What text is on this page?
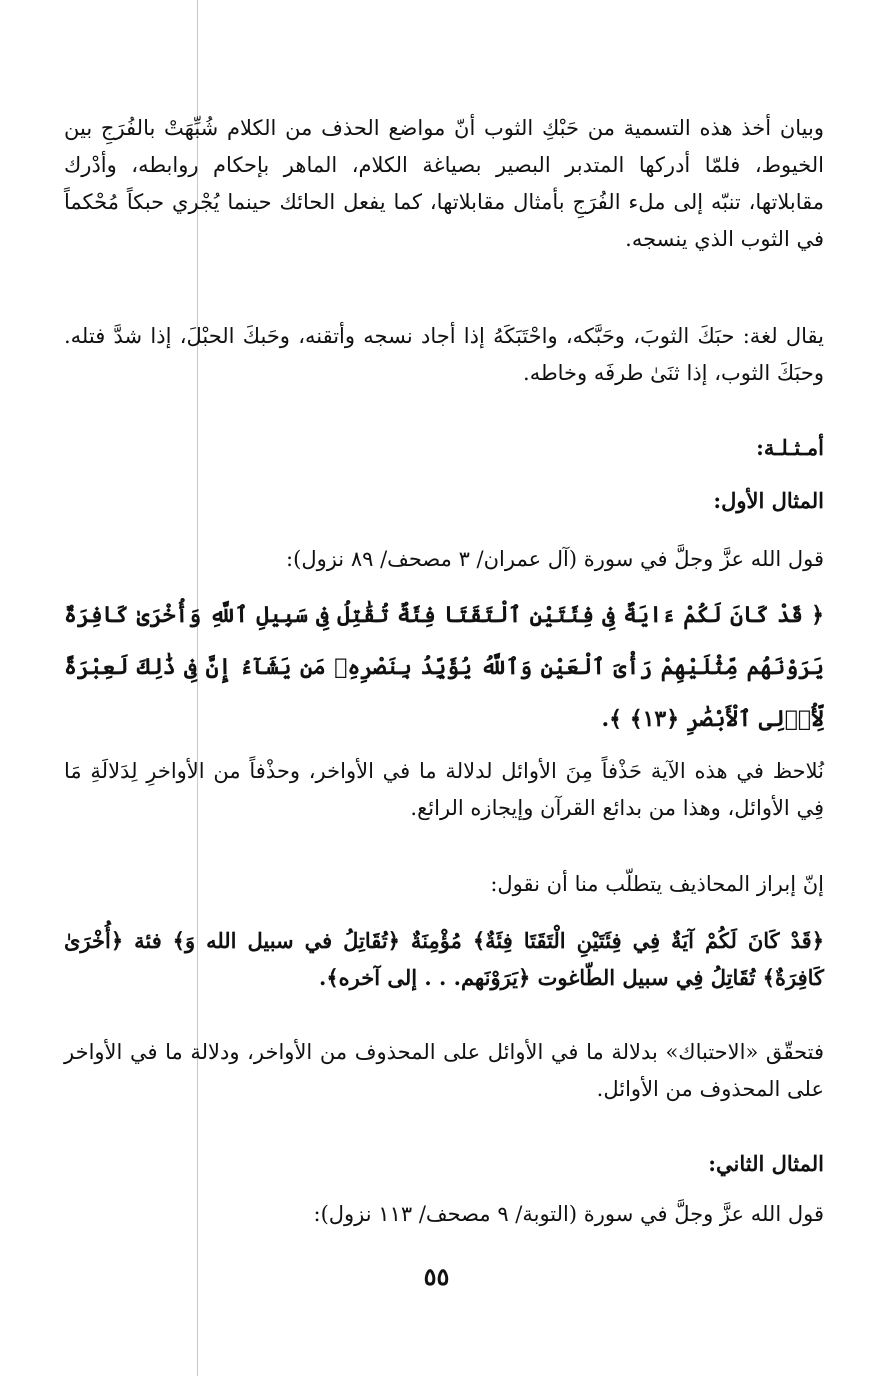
وبيان أخذ هذه التسمية من حَبْكِ الثوب أنّ مواضع الحذف من الكلام شُبِّهَتْ بالفُرَجِ بين الخيوط، فلمّا أدركها المتدبر البصير بصياغة الكلام، الماهر بإحكام روابطه، وأدْرك مقابلاتها، تنبّه إلى ملء الفُرَجِ بأمثال مقابلاتها، كما يفعل الحائك حينما يُجْري حبكاً مُحْكماً في الثوب الذي ينسجه.
يقال لغة: حبَكَ الثوبَ، وحَبَّكه، واحْتَبَكَهُ إذا أجاد نسجه وأتقنه، وحَبكَ الحبْلَ، إذا شدَّ فتله. وحبَكَ الثوب، إذا ثنَىٰ طرفَه وخاطه.
أمـثـلـة:
المثال الأول:
قول الله عزَّ وجلَّ في سورة (آل عمران/ ٣ مصحف/ ٨٩ نزول):
﴿ قَدْ كَانَ لَكُمْ ءَايَةٌ فِى فِئَتَيْنِ ٱلْتَقَتَا فِئَةٌ تُقَٰتِلُ فِى سَبِيلِ ٱللَّهِ وَأُخْرَىٰ كَافِرَةٌ يَرَوْنَهُم مِّثْلَيْهِمْ رَأْىَ ٱلْعَيْنِ وَٱللَّهُ يُؤَيِّدُ بِنَصْرِهِۦ مَن يَشَآءُ إِنَّ فِى ذَٰلِكَ لَعِبْرَةً لِّأُو۟لِى ٱلْأَبْصَٰرِ ﴿١٣﴾ ﴾.
نُلاحظ في هذه الآية حَذْفاً مِنَ الأوائل لدلالة ما في الأواخر، وحذْفاً من الأواخرِ لِدَلالَةِ مَا فِي الأوائل، وهذا من بدائع القرآن وإيجازه الرائع.
إنّ إبراز المحاذيف يتطلّب منا أن نقول:
﴿قَدْ كَانَ لَكُمْ آيَةٌ فِي فِئَتَيْنِ الْتَقَتَا فِئَةٌ﴾ مُؤْمِنَةٌ ﴿تُقَاتِلُ في سبيل الله وَ﴾ فئة ﴿أُخْرَىٰ كَافِرَةٌ﴾ تُقَاتِلُ فِي سبيل الطّاغوت ﴿يَرَوْنَهم. . . إلى آخره﴾.
فتحقّق «الاحتباك» بدلالة ما في الأوائل على المحذوف من الأواخر، ودلالة ما في الأواخر على المحذوف من الأوائل.
المثال الثاني:
قول الله عزَّ وجلَّ في سورة (التوبة/ ٩ مصحف/ ١١٣ نزول):
٥٥
